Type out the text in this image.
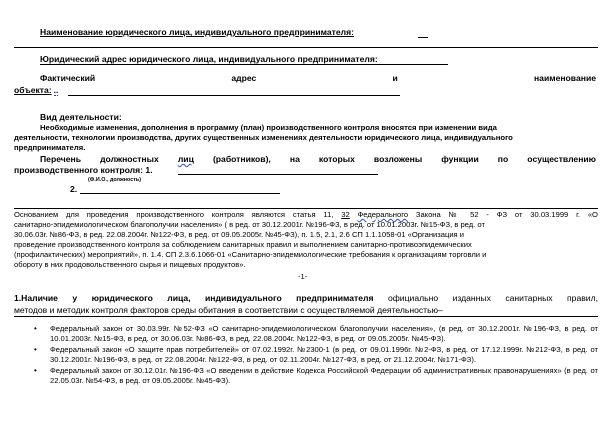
Наименование юридического лица, индивидуального предпринимателя:
Юридический адрес юридического лица, индивидуального предпринимателя:
Фактический	адрес	и	наименование
объекта: ..
Вид деятельности:
Необходимые изменения, дополнения в программу (план) производственного контроля вносятся при изменении вида
деятельности, технологии производства, других существенных изменениях деятельности юридического лица, индивидуального
предпринимателя.
Перечень должностных лиц (работников), на которых возложены функции по осуществлению
производственного контроля: 1.
(Ф.И.О., должность)
2.
Основанием для проведения производственного контроля являются статья 11, 32 Федерального Закона № 52 - ФЗ от 30.03.1999 г. «О
санитарно-эпидемиологическом благополучии населения» ( в ред. от 30.12.2001г. №196-ФЗ, в ред. от 10.01.2003г. №15-ФЗ, в ред. от
30.06.03г. №86-ФЗ, в ред. 22.08.2004г. №122-ФЗ, в ред. от 09.05.2005г. №45-ФЗ), п. 1.5, 2.1, 2.6 СП 1.1.1058-01 «Организация и
проведение производственного контроля за соблюдением санитарных правил и выполнением санитарно-противоэпидемических
(профилактических) мероприятий», п. 1.4. СП 2.3.6.1066-01 «Санитарно-эпидемиологические требования к организациям торговли и
обороту в них продовольственного сырья и пищевых продуктов».
-1-
1.Наличие у юридического лица, индивидуального предпринимателя официально изданных санитарных правил,
методов и методик контроля факторов среды обитания в соответствии с осуществляемой деятельностью–
• Федеральный закон от 30.03.99г. №52-ФЗ «О санитарно-эпидемиологическом благополучии населения», (в ред. от 30.12.2001г. №196-ФЗ, в ред. от 10.01.2003г. №15-ФЗ, в ред. от 30.06.03г. №86-ФЗ, в ред. 22.08.2004г. №122-ФЗ, в ред. от 09.05.2005г. №45-ФЗ).
• Федеральный закон «О защите прав потребителей» от 07.02.1992г. №2300-1 (в ред. от 09.01.1996г. №2-ФЗ, в ред. от 17.12.1999г. №212-ФЗ, в ред. от 30.12.2001г. №196-ФЗ, в ред. от 22.08.2004г. №122-ФЗ, в ред. от 02.11.2004г. №127-ФЗ, в ред. от 21.12.2004г. №171-ФЗ).
• Федеральный закон от 30.12.01г. №196-ФЗ «О введении в действие Кодекса Российской Федерации об административных правонарушениях» (в ред. от 22.05.03г. №54-ФЗ, в ред. от 09.05.2005г. №45-ФЗ).
